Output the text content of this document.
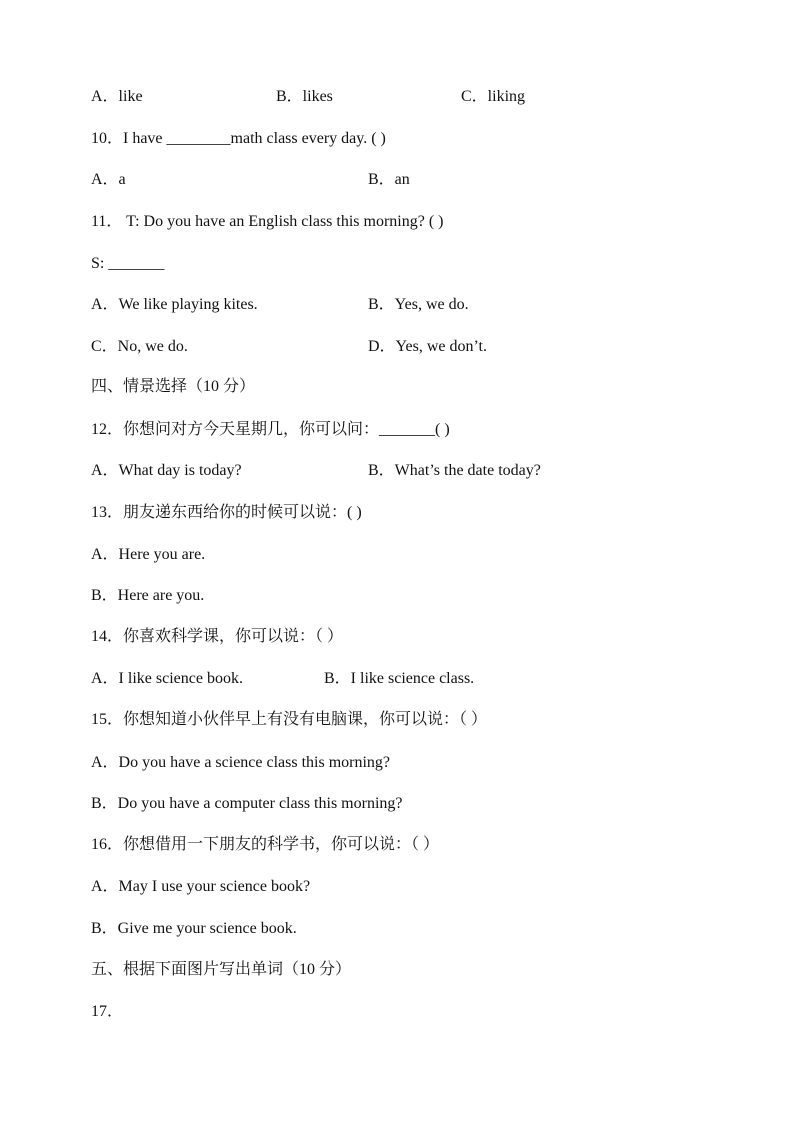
A．like	B．likes	C．liking
10．I have ________math class every day. ( )
A．a	B．an
11． T: Do you have an English class this morning? ( )
S: _______
A．We like playing kites.	B．Yes, we do.
C．No, we do.	D．Yes, we don’t.
四、情景选择（10 分）
12．你想问对方今天星期几，你可以问：_______( )
A．What day is today?	B．What’s the date today?
13．朋友递东西给你的时候可以说：( )
A．Here you are.
B．Here are you.
14．你喜欢科学课，你可以说：（ ）
A．I like science book.	B．I like science class.
15．你想知道小伙伴早上有没有电脑课，你可以说：（ ）
A．Do you have a science class this morning?
B．Do you have a computer class this morning?
16．你想借用一下朋友的科学书，你可以说：（ ）
A．May I use your science book?
B．Give me your science book.
五、根据下面图片写出单词（10 分）
17．
